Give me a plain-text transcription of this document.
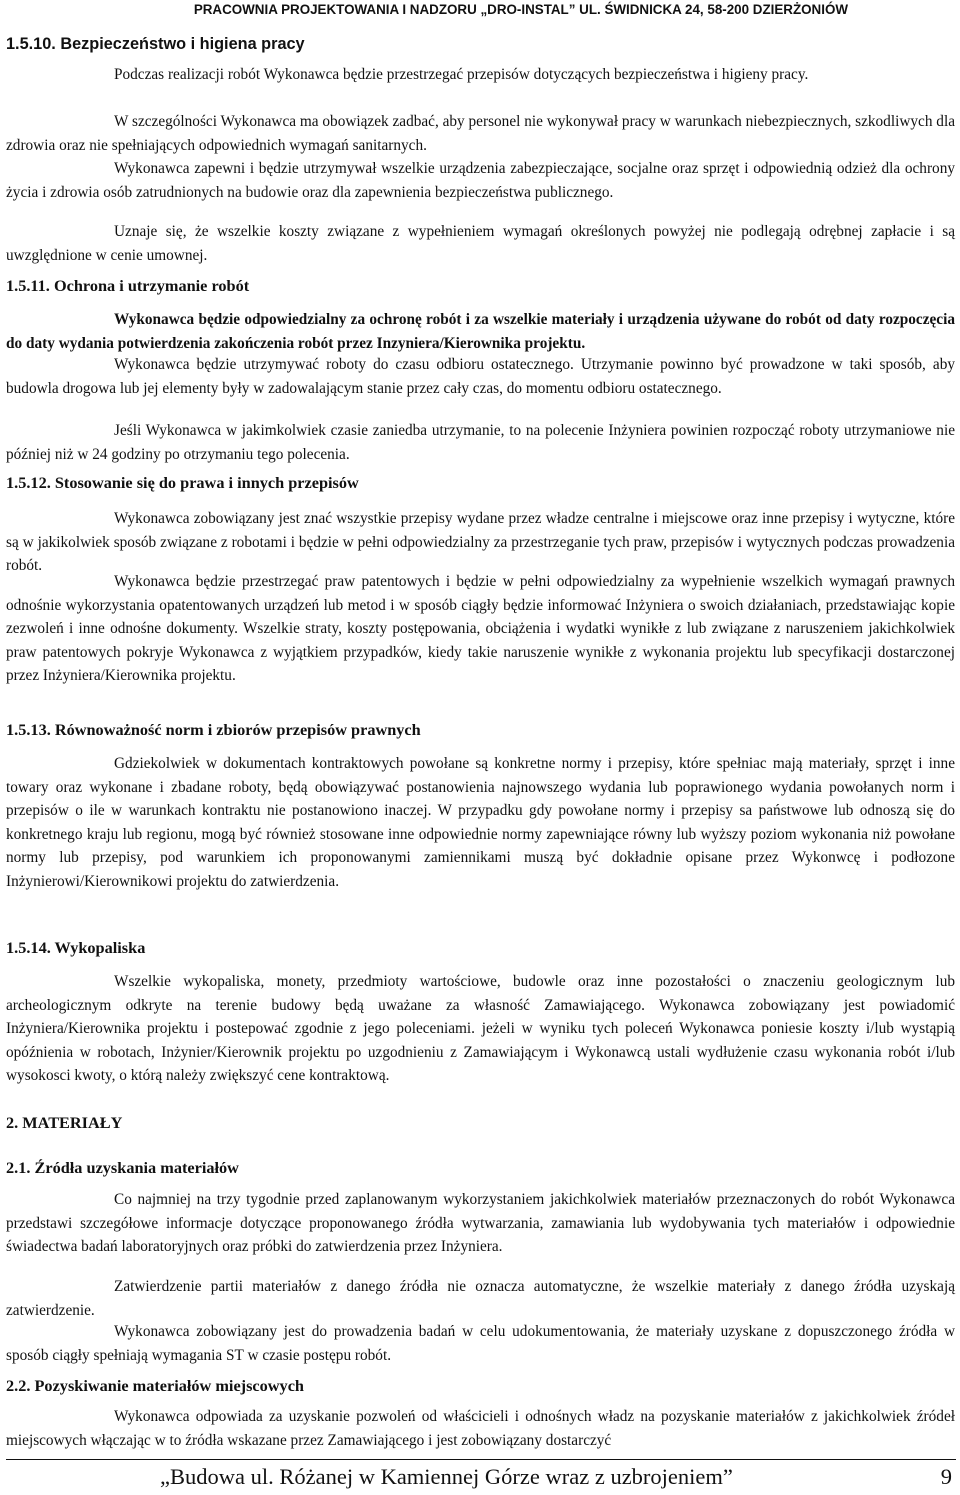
PRACOWNIA PROJEKTOWANIA I NADZORU „DRO-INSTAL” UL. ŚWIDNICKA 24, 58-200 DZIERŻONIÓW
1.5.10. Bezpieczeństwo i higiena pracy

Podczas realizacji robót Wykonawca będzie przestrzegać przepisów dotyczących bezpieczeństwa i higieny pracy.

W szczególności Wykonawca ma obowiązek zadbać, aby personel nie wykonywał pracy w warunkach niebezpiecznych, szkodliwych dla zdrowia oraz nie spełniających odpowiednich wymagań sanitarnych.

Wykonawca zapewni i będzie utrzymywał wszelkie urządzenia zabezpieczające, socjalne oraz sprzęt i odpowiednią odzież dla ochrony życia i zdrowia osób zatrudnionych na budowie oraz dla zapewnienia bezpieczeństwa publicznego.

Uznaje się, że wszelkie koszty związane z wypełnieniem wymagań określonych powyżej nie podlegają odrębnej zapłacie i są uwzględnione w cenie umownej.

1.5.11. Ochrona i utrzymanie robót

Wykonawca będzie odpowiedzialny za ochronę robót i za wszelkie materiały i urządzenia używane do robót od daty rozpoczęcia do daty wydania potwierdzenia zakończenia robót przez Inzyniera/Kierownika projektu.

Wykonawca będzie utrzymywać roboty do czasu odbioru ostatecznego. Utrzymanie powinno być prowadzone w taki sposób, aby budowla drogowa lub jej elementy były w zadowalającym stanie przez cały czas, do momentu odbioru ostatecznego.

Jeśli Wykonawca w jakimkolwiek czasie zaniedba utrzymanie, to na polecenie Inżyniera powinien rozpocząć roboty utrzymaniowe nie później niż w 24 godziny po otrzymaniu tego polecenia.

1.5.12. Stosowanie się do prawa i innych przepisów

Wykonawca zobowiązany jest znać wszystkie przepisy wydane przez władze centralne i miejscowe oraz inne przepisy i wytyczne, które są w jakikolwiek sposób związane z robotami i będzie w pełni odpowiedzialny za przestrzeganie tych praw, przepisów i wytycznych podczas prowadzenia robót.

Wykonawca będzie przestrzegać praw patentowych i będzie w pełni odpowiedzialny za wypełnienie wszelkich wymagań prawnych odnośnie wykorzystania opatentowanych urządzeń lub metod i w sposób ciągły będzie informować Inżyniera o swoich działaniach, przedstawiając kopie zezwoleń i inne odnośne dokumenty. Wszelkie straty, koszty postępowania, obciążenia i wydatki wynikłe z lub związane z naruszeniem jakichkolwiek praw patentowych pokryje Wykonawca z wyjątkiem przypadków, kiedy takie naruszenie wynikłe z wykonania projektu lub specyfikacji dostarczonej przez Inżyniera/Kierownika projektu.

1.5.13. Równoważność norm i zbiorów przepisów prawnych

Gdziekolwiek w dokumentach kontraktowych powołane są konkretne normy i przepisy, które spełniac mają materiały, sprzęt i inne towary oraz wykonane i zbadane roboty, będą obowiązywać postanowienia najnowszego wydania lub poprawionego wydania powołanych norm i przepisów o ile w warunkach kontraktu nie postanowiono inaczej. W przypadku gdy powołane normy i przepisy sa państwowe lub odnoszą się do konkretnego kraju lub regionu, mogą być również stosowane inne odpowiednie normy zapewniające równy lub wyższy poziom wykonania niż powołane normy lub przepisy, pod warunkiem ich proponowanymi zamiennikami muszą być dokładnie opisane przez Wykonwcę i podłozone Inżynierowi/Kierownikowi projektu do zatwierdzenia.

1.5.14. Wykopaliska

Wszelkie wykopaliska, monety, przedmioty wartościowe, budowle oraz inne pozostałości o znaczeniu geologicznym lub archeologicznym odkryte na terenie budowy będą uważane za własność Zamawiającego. Wykonawca zobowiązany jest powiadomić Inżyniera/Kierownika projektu i postepować zgodnie z jego poleceniami. jeżeli w wyniku tych poleceń Wykonawca poniesie koszty i/lub wystąpią opóźnienia w robotach, Inżynier/Kierownik projektu po uzgodnieniu z Zamawiającym i Wykonawcą ustali wydłużenie czasu wykonania robót i/lub wysokosci kwoty, o którą należy zwiększyć cene kontraktową.

2. MATERIAŁY
2.1. Źródła uzyskania materiałów

Co najmniej na trzy tygodnie przed zaplanowanym wykorzystaniem jakichkolwiek materiałów przeznaczonych do robót Wykonawca przedstawi szczegółowe informacje dotyczące proponowanego źródła wytwarzania, zamawiania lub wydobywania tych materiałów i odpowiednie świadectwa badań laboratoryjnych oraz próbki do zatwierdzenia przez Inżyniera.

Zatwierdzenie partii materiałów z danego źródła nie oznacza automatyczne, że wszelkie materiały z danego źródła uzyskają zatwierdzenie.

Wykonawca zobowiązany jest do prowadzenia badań w celu udokumentowania, że materiały uzyskane z dopuszczonego źródła w sposób ciągły spełniają wymagania ST w czasie postępu robót.

2.2. Pozyskiwanie materiałów miejscowych

Wykonawca odpowiada za uzyskanie pozwoleń od właścicieli i odnośnych władz na pozyskanie materiałów z jakichkolwiek źródeł miejscowych włączając w to źródła wskazane przez Zamawiającego i jest zobowiązany dostarczyć

„Budowa ul. Różanej w Kamiennej Górze wraz z uzbrojeniem”	9
